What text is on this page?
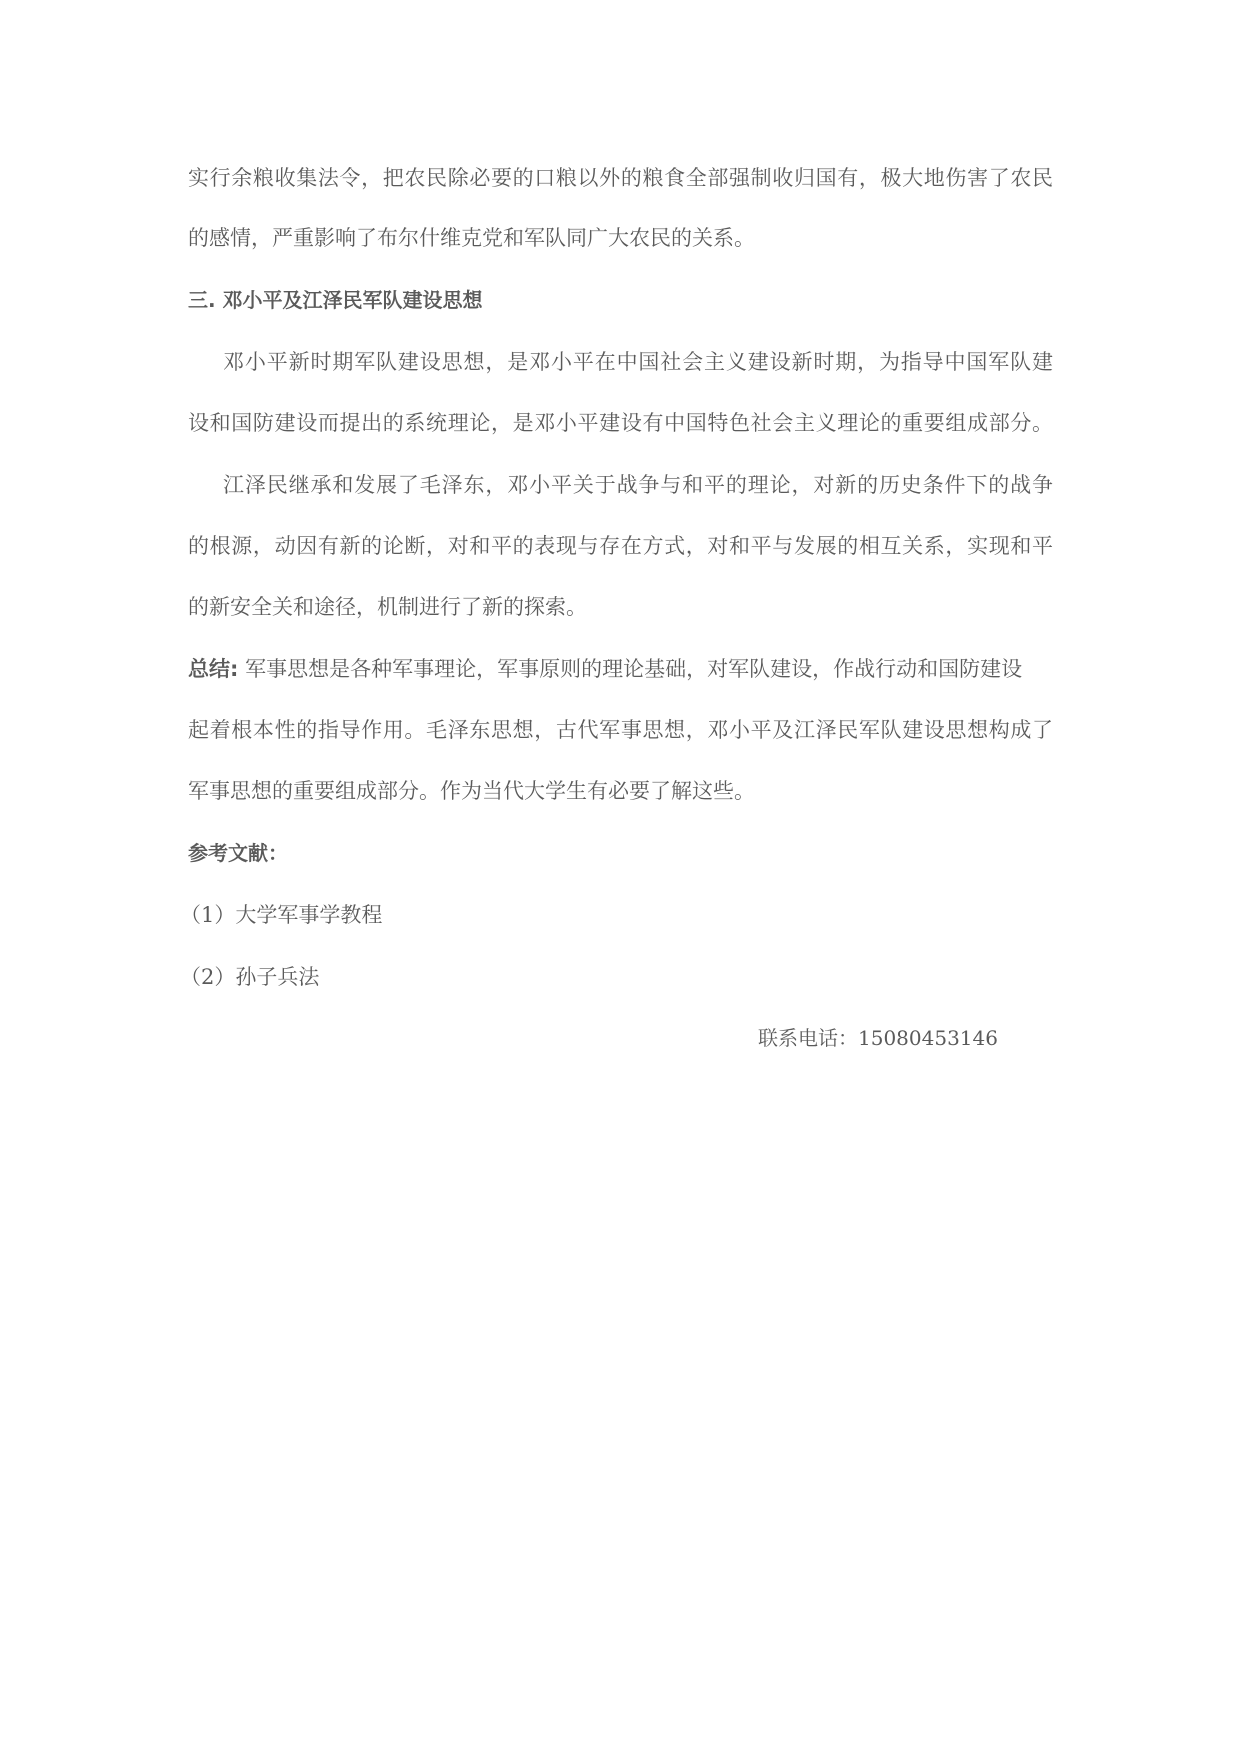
实行余粮收集法令，把农民除必要的口粮以外的粮食全部强制收归国有，极大地伤害了农民
的感情，严重影响了布尔什维克党和军队同广大农民的关系。
三. 邓小平及江泽民军队建设思想
邓小平新时期军队建设思想，是邓小平在中国社会主义建设新时期，为指导中国军队建
设和国防建设而提出的系统理论，是邓小平建设有中国特色社会主义理论的重要组成部分。
江泽民继承和发展了毛泽东，邓小平关于战争与和平的理论，对新的历史条件下的战争
的根源，动因有新的论断，对和平的表现与存在方式，对和平与发展的相互关系，实现和平
的新安全关和途径，机制进行了新的探索。
总结: 军事思想是各种军事理论，军事原则的理论基础，对军队建设，作战行动和国防建设
起着根本性的指导作用。毛泽东思想，古代军事思想，邓小平及江泽民军队建设思想构成了
军事思想的重要组成部分。作为当代大学生有必要了解这些。
参考文献：
（1）大学军事学教程
（2）孙子兵法
联系电话：15080453146
